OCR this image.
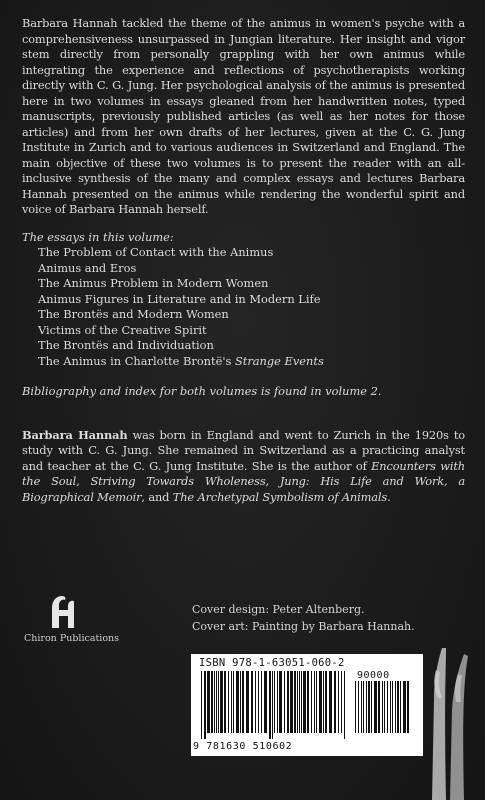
Barbara Hannah tackled the theme of the animus in women's psyche with a comprehensiveness unsurpassed in Jungian literature. Her insight and vigor stem directly from personally grappling with her own animus while integrating the experience and reflections of psychotherapists working directly with C. G. Jung. Her psychological analysis of the animus is presented here in two volumes in essays gleaned from her handwritten notes, typed manuscripts, previously published articles (as well as her notes for those articles) and from her own drafts of her lectures, given at the C. G. Jung Institute in Zurich and to various audiences in Switzerland and England. The main objective of these two volumes is to present the reader with an all-inclusive synthesis of the many and complex essays and lectures Barbara Hannah presented on the animus while rendering the wonderful spirit and voice of Barbara Hannah herself.

The essays in this volume:

The Problem of Contact with the Animus
Animus and Eros
The Animus Problem in Modern Women
Animus Figures in Literature and in Modern Life
The Brontës and Modern Women
Victims of the Creative Spirit
The Brontës and Individuation
The Animus in Charlotte Brontë's Strange Events

Bibliography and index for both volumes is found in volume 2.

Barbara Hannah was born in England and went to Zurich in the 1920s to study with C. G. Jung. She remained in Switzerland as a practicing analyst and teacher at the C. G. Jung Institute. She is the author of Encounters with the Soul, Striving Towards Wholeness, Jung: His Life and Work, a Biographical Memoir, and The Archetypal Symbolism of Animals.

Chiron Publications
Cover design: Peter Altenberg.
Cover art: Painting by Barbara Hannah.
ISBN 978-1-63051-060-2
90000
9 781630 510602
